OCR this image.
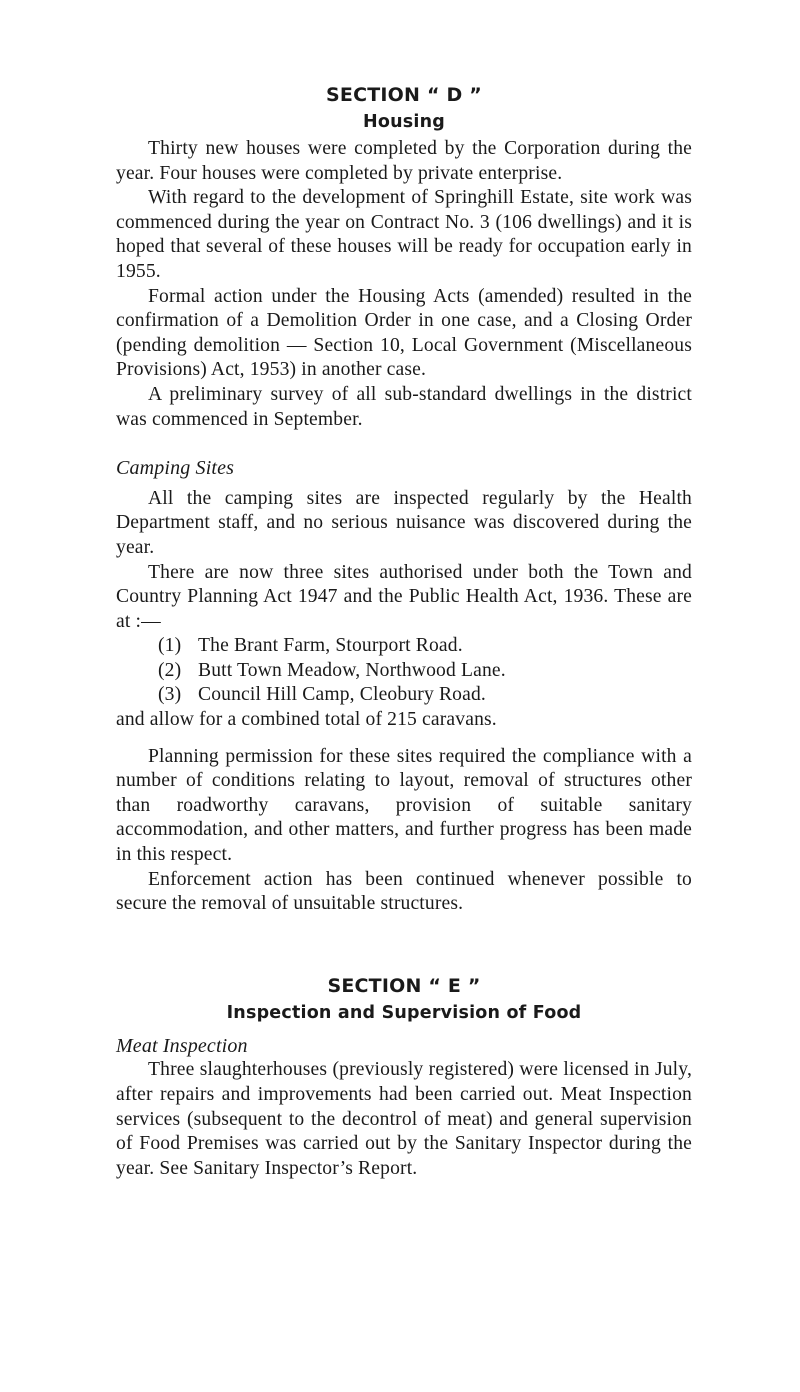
SECTION “ D ”
Housing

Thirty new houses were completed by the Corporation during the year. Four houses were completed by private enterprise.

With regard to the development of Springhill Estate, site work was commenced during the year on Contract No. 3 (106 dwellings) and it is hoped that several of these houses will be ready for occupation early in 1955.

Formal action under the Housing Acts (amended) resulted in the confirmation of a Demolition Order in one case, and a Closing Order (pending demolition — Section 10, Local Government (Miscellaneous Provisions) Act, 1953) in another case.

A preliminary survey of all sub-standard dwellings in the district was commenced in September.

Camping Sites

All the camping sites are inspected regularly by the Health Department staff, and no serious nuisance was discovered during the year.

There are now three sites authorised under both the Town and Country Planning Act 1947 and the Public Health Act, 1936. These are at :—

(1) The Brant Farm, Stourport Road.
(2) Butt Town Meadow, Northwood Lane.
(3) Council Hill Camp, Cleobury Road.

and allow for a combined total of 215 caravans.

Planning permission for these sites required the compliance with a number of conditions relating to layout, removal of structures other than roadworthy caravans, provision of suitable sanitary accommodation, and other matters, and further progress has been made in this respect.

Enforcement action has been continued whenever possible to secure the removal of unsuitable structures.

SECTION “ E ”
Inspection and Supervision of Food

Meat Inspection

Three slaughterhouses (previously registered) were licensed in July, after repairs and improvements had been carried out. Meat Inspection services (subsequent to the decontrol of meat) and general supervision of Food Premises was carried out by the Sanitary Inspector during the year. See Sanitary Inspector’s Report.
